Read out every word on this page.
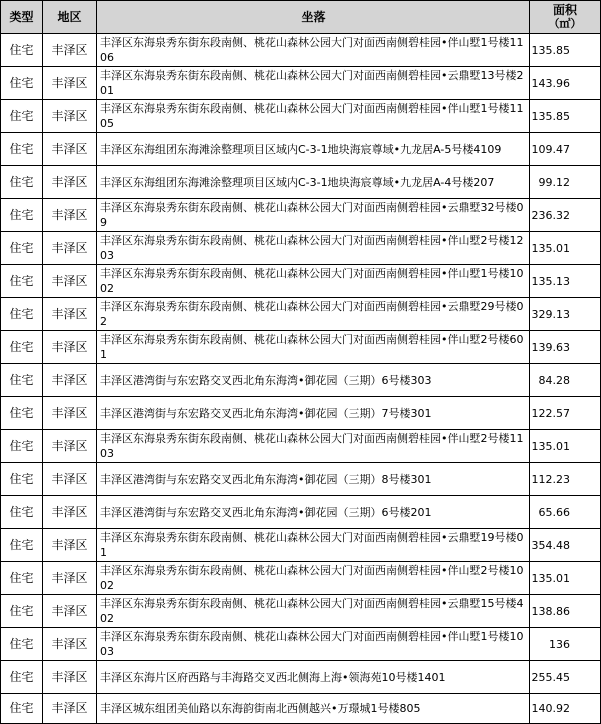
类型	地区	坐落	面积
（㎡）

住宅	丰泽区	丰泽区东海泉秀东街东段南侧、桃花山森林公园大门对面西南侧碧桂园•伴山墅1号楼1106	135.85
住宅	丰泽区	丰泽区东海泉秀东街东段南侧、桃花山森林公园大门对面西南侧碧桂园•云鼎墅13号楼201	143.96
住宅	丰泽区	丰泽区东海泉秀东街东段南侧、桃花山森林公园大门对面西南侧碧桂园•伴山墅1号楼1105	135.85
住宅	丰泽区	丰泽区东海组团东海滩涂整理项目区域内C-3-1地块海宸尊域•九龙居A-5号楼4109	109.47
住宅	丰泽区	丰泽区东海组团东海滩涂整理项目区域内C-3-1地块海宸尊域•九龙居A-4号楼207	99.12
住宅	丰泽区	丰泽区东海泉秀东街东段南侧、桃花山森林公园大门对面西南侧碧桂园•云鼎墅32号楼09	236.32
住宅	丰泽区	丰泽区东海泉秀东街东段南侧、桃花山森林公园大门对面西南侧碧桂园•伴山墅2号楼1203	135.01
住宅	丰泽区	丰泽区东海泉秀东街东段南侧、桃花山森林公园大门对面西南侧碧桂园•伴山墅1号楼1002	135.13
住宅	丰泽区	丰泽区东海泉秀东街东段南侧、桃花山森林公园大门对面西南侧碧桂园•云鼎墅29号楼02	329.13
住宅	丰泽区	丰泽区东海泉秀东街东段南侧、桃花山森林公园大门对面西南侧碧桂园•伴山墅2号楼601	139.63
住宅	丰泽区	丰泽区港湾街与东宏路交叉西北角东海湾•御花园（三期）6号楼303	84.28
住宅	丰泽区	丰泽区港湾街与东宏路交叉西北角东海湾•御花园（三期）7号楼301	122.57
住宅	丰泽区	丰泽区东海泉秀东街东段南侧、桃花山森林公园大门对面西南侧碧桂园•伴山墅2号楼1103	135.01
住宅	丰泽区	丰泽区港湾街与东宏路交叉西北角东海湾•御花园（三期）8号楼301	112.23
住宅	丰泽区	丰泽区港湾街与东宏路交叉西北角东海湾•御花园（三期）6号楼201	65.66
住宅	丰泽区	丰泽区东海泉秀东街东段南侧、桃花山森林公园大门对面西南侧碧桂园•云鼎墅19号楼01	354.48
住宅	丰泽区	丰泽区东海泉秀东街东段南侧、桃花山森林公园大门对面西南侧碧桂园•伴山墅2号楼1002	135.01
住宅	丰泽区	丰泽区东海泉秀东街东段南侧、桃花山森林公园大门对面西南侧碧桂园•云鼎墅15号楼402	138.86
住宅	丰泽区	丰泽区东海泉秀东街东段南侧、桃花山森林公园大门对面西南侧碧桂园•伴山墅1号楼1003	136
住宅	丰泽区	丰泽区东海片区府西路与丰海路交叉西北侧海上海•领海苑10号楼1401	255.45
住宅	丰泽区	丰泽区城东组团美仙路以东海韵街南北西侧越兴•万璟城1号楼805	140.92
